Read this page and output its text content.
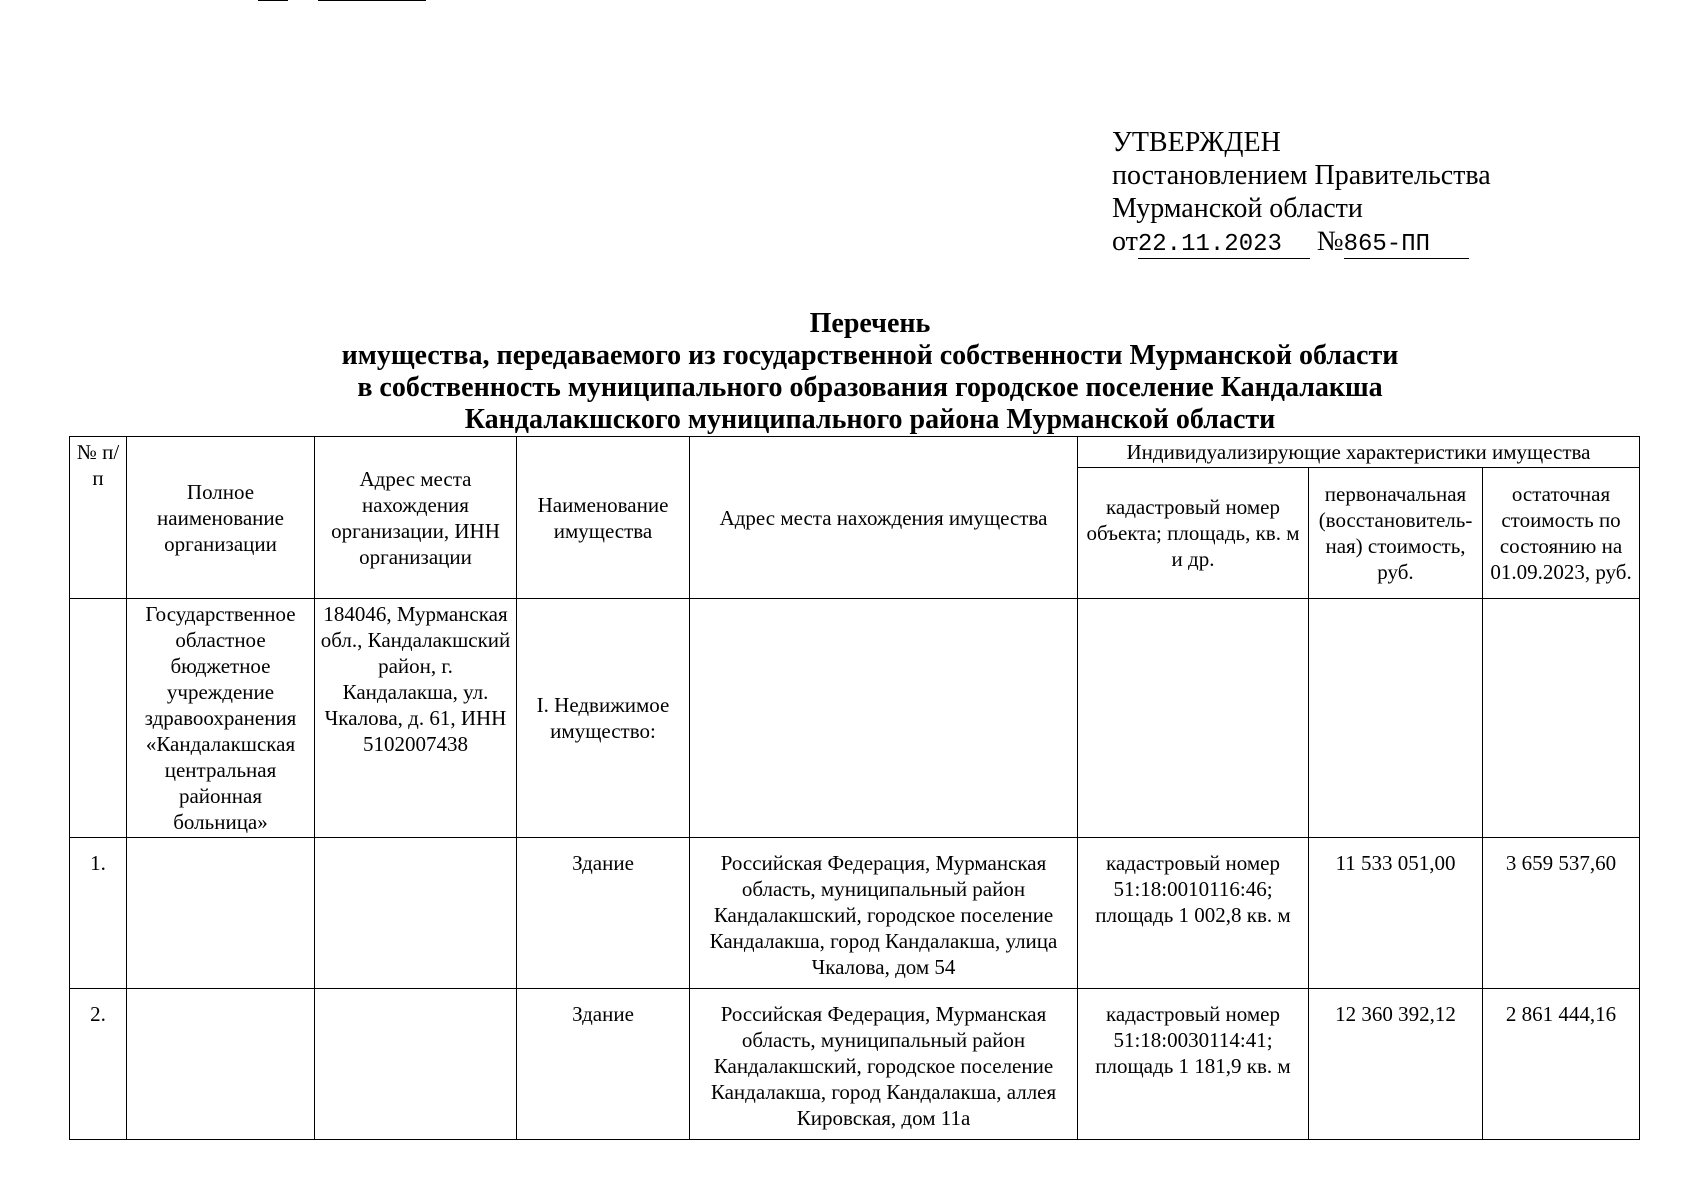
УТВЕРЖДЕН
постановлением Правительства
Мурманской области
от22.11.2023 №865-ПП
Перечень
имущества, передаваемого из государственной собственности Мурманской области
в собственность муниципального образования городское поселение Кандалакша
Кандалакшского муниципального района Мурманской области
№ п/п	Полное наименование организации	Адрес места нахождения организации, ИНН организации	Наименование имущества	Адрес места нахождения имущества	Индивидуализирующие характеристики имущества		
					кадастровый номер объекта; площадь, кв. м и др.	первоначальная (восстановитель-ная) стоимость, руб.	остаточная стоимость по состоянию на 01.09.2023, руб.
	Государственное областное бюджетное учреждение здравоохранения «Кандалакшская центральная районная больница»	184046, Мурманская обл., Кандалакшский район, г. Кандалакша, ул. Чкалова, д. 61, ИНН 5102007438	I. Недвижимое имущество:				
1.			Здание	Российская Федерация, Мурманская область, муниципальный район Кандалакшский, городское поселение Кандалакша, город Кандалакша, улица Чкалова, дом 54	кадастровый номер 51:18:0010116:46; площадь 1 002,8 кв. м	11 533 051,00	3 659 537,60
2.			Здание	Российская Федерация, Мурманская область, муниципальный район Кандалакшский, городское поселение Кандалакша, город Кандалакша, аллея Кировская, дом 11а	кадастровый номер 51:18:0030114:41; площадь 1 181,9 кв. м	12 360 392,12	2 861 444,16
